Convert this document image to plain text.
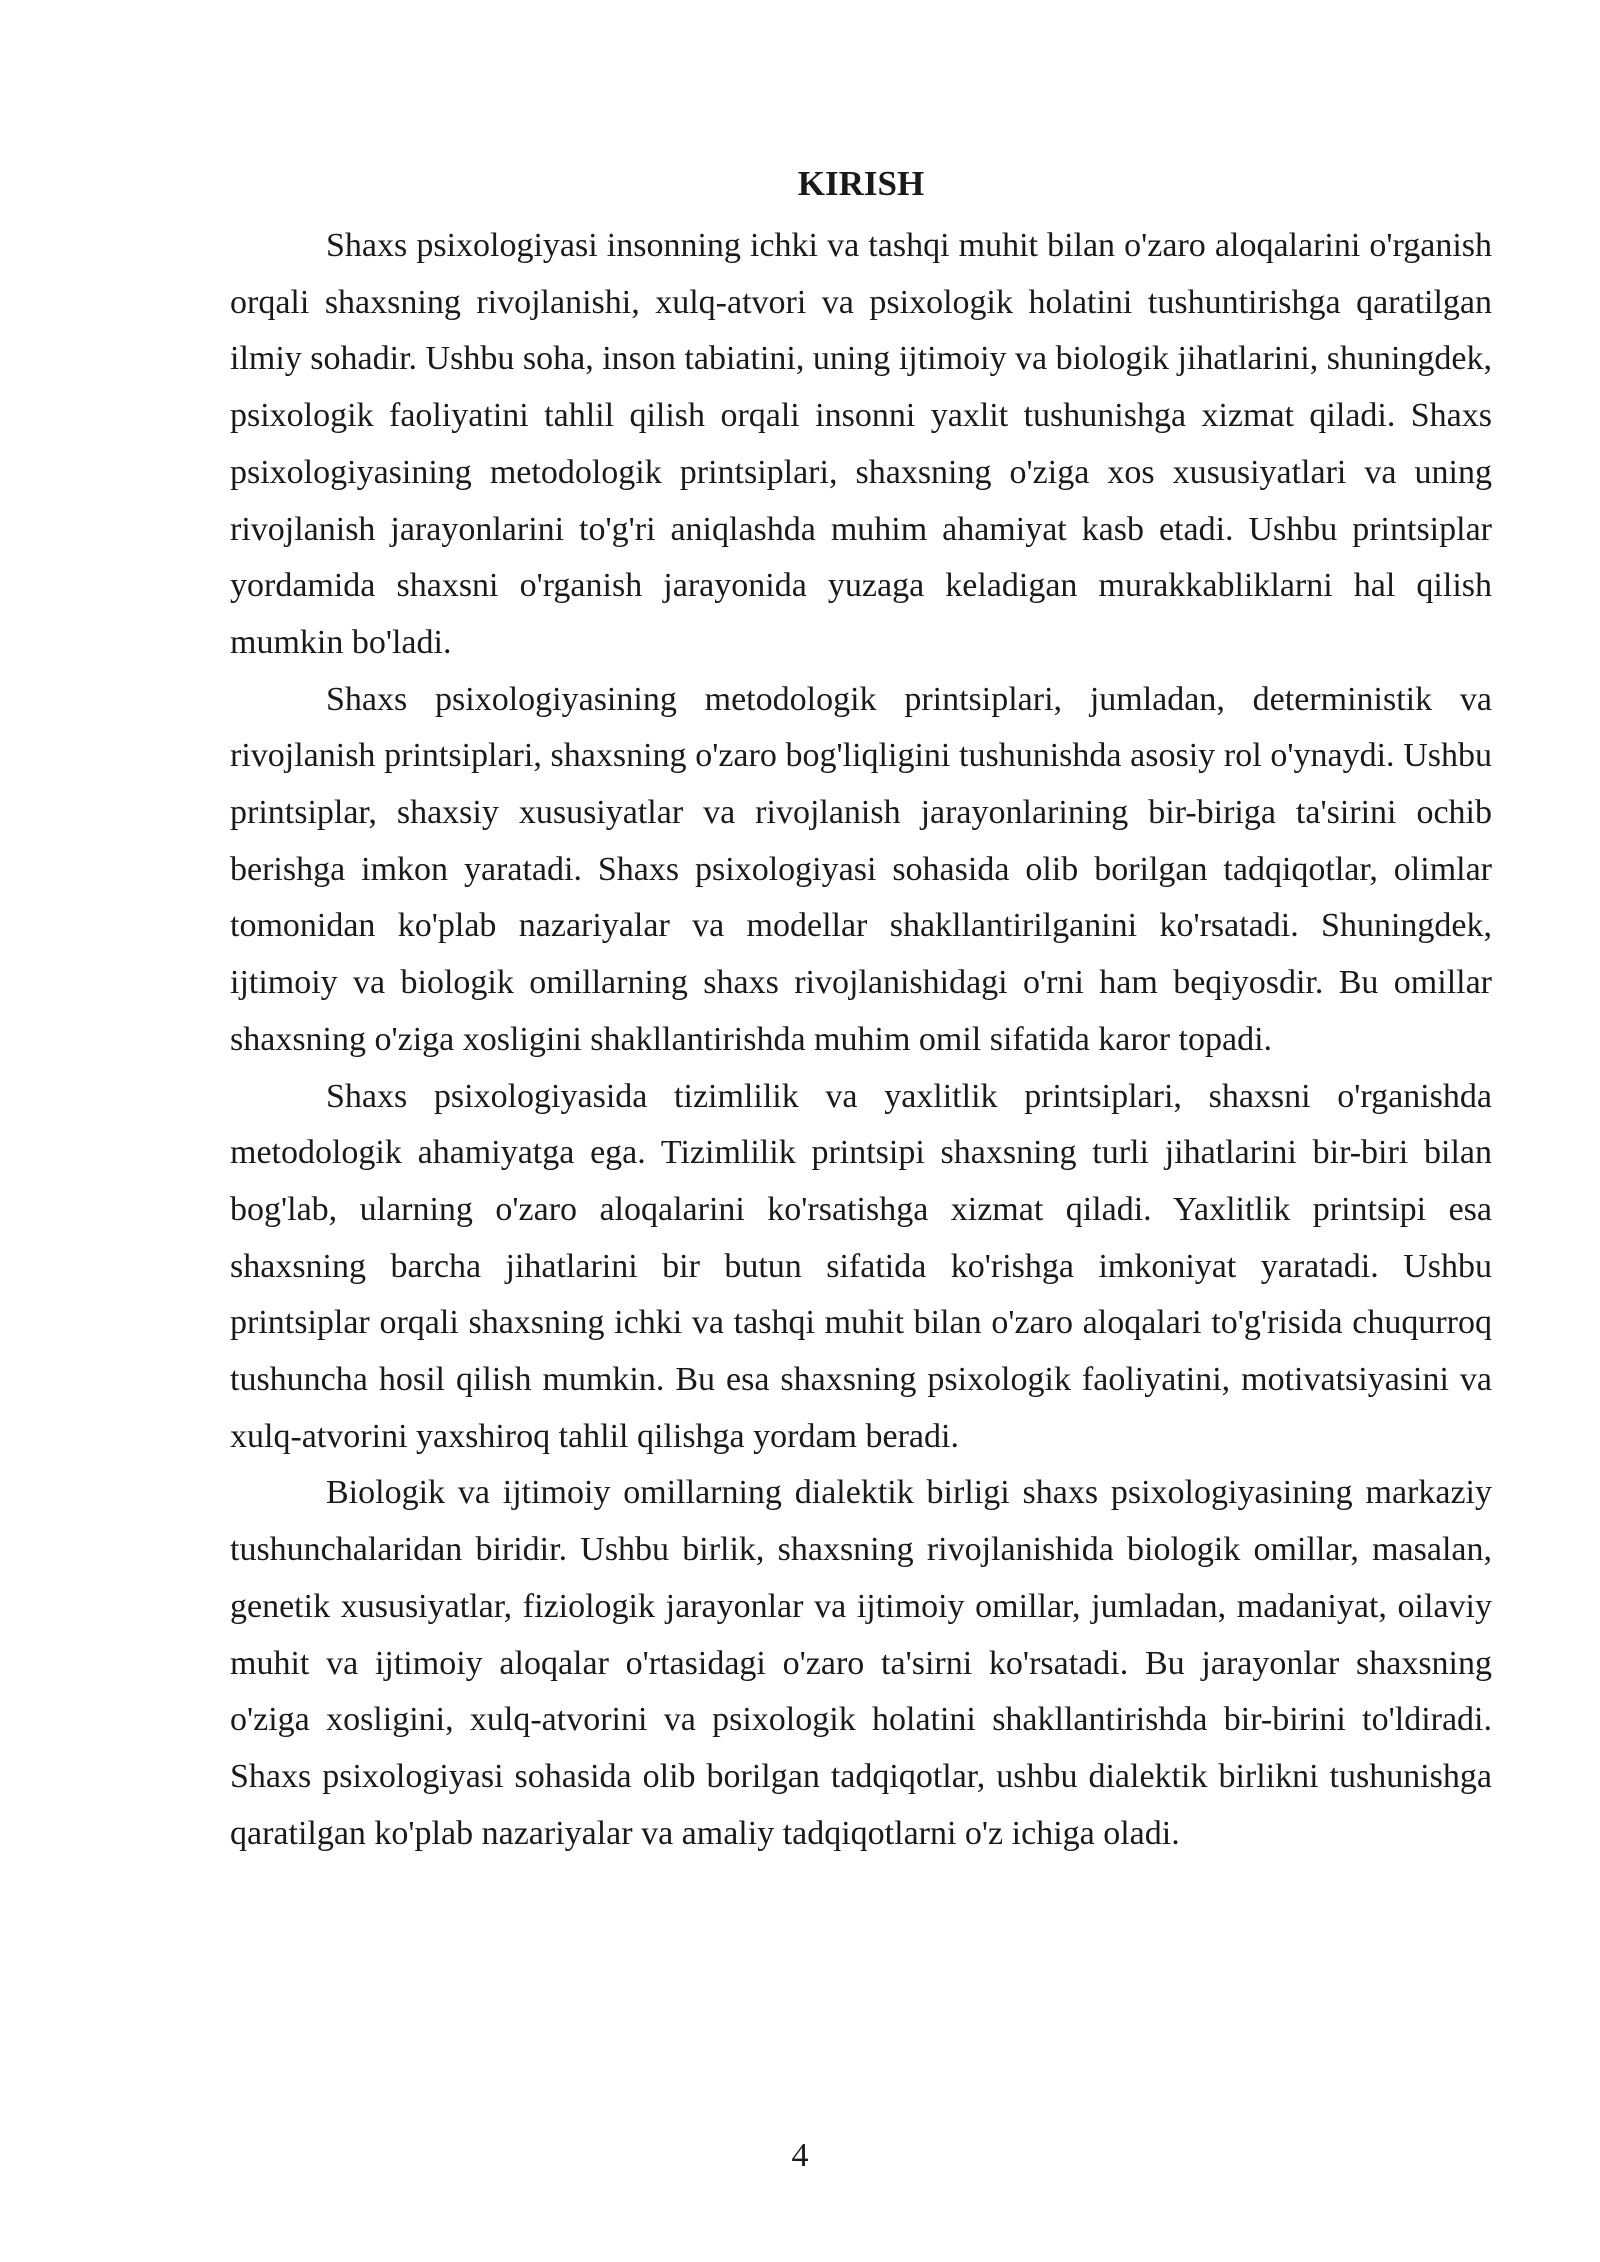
KIRISH

Shaxs psixologiyasi insonning ichki va tashqi muhit bilan o'zaro aloqalarini o'rganish orqali shaxsning rivojlanishi, xulq-atvori va psixologik holatini tushuntirishga qaratilgan ilmiy sohadir. Ushbu soha, inson tabiatini, uning ijtimoiy va biologik jihatlarini, shuningdek, psixologik faoliyatini tahlil qilish orqali insonni yaxlit tushunishga xizmat qiladi. Shaxs psixologiyasining metodologik printsiplari, shaxsning o'ziga xos xususiyatlari va uning rivojlanish jarayonlarini to'g'ri aniqlashda muhim ahamiyat kasb etadi. Ushbu printsiplar yordamida shaxsni o'rganish jarayonida yuzaga keladigan murakkabliklarni hal qilish mumkin bo'ladi.

Shaxs psixologiyasining metodologik printsiplari, jumladan, deterministik va rivojlanish printsiplari, shaxsning o'zaro bog'liqligini tushunishda asosiy rol o'ynaydi. Ushbu printsiplar, shaxsiy xususiyatlar va rivojlanish jarayonlarining bir-biriga ta'sirini ochib berishga imkon yaratadi. Shaxs psixologiyasi sohasida olib borilgan tadqiqotlar, olimlar tomonidan ko'plab nazariyalar va modellar shakllantirilganini ko'rsatadi. Shuningdek, ijtimoiy va biologik omillarning shaxs rivojlanishidagi o'rni ham beqiyosdir. Bu omillar shaxsning o'ziga xosligini shakllantirishda muhim omil sifatida karor topadi.

Shaxs psixologiyasida tizimlilik va yaxlitlik printsiplari, shaxsni o'rganishda metodologik ahamiyatga ega. Tizimlilik printsipi shaxsning turli jihatlarini bir-biri bilan bog'lab, ularning o'zaro aloqalarini ko'rsatishga xizmat qiladi. Yaxlitlik printsipi esa shaxsning barcha jihatlarini bir butun sifatida ko'rishga imkoniyat yaratadi. Ushbu printsiplar orqali shaxsning ichki va tashqi muhit bilan o'zaro aloqalari to'g'risida chuqurroq tushuncha hosil qilish mumkin. Bu esa shaxsning psixologik faoliyatini, motivatsiyasini va xulq-atvorini yaxshiroq tahlil qilishga yordam beradi.

Biologik va ijtimoiy omillarning dialektik birligi shaxs psixologiyasining markaziy tushunchalaridan biridir. Ushbu birlik, shaxsning rivojlanishida biologik omillar, masalan, genetik xususiyatlar, fiziologik jarayonlar va ijtimoiy omillar, jumladan, madaniyat, oilaviy muhit va ijtimoiy aloqalar o'rtasidagi o'zaro ta'sirni ko'rsatadi. Bu jarayonlar shaxsning o'ziga xosligini, xulq-atvorini va psixologik holatini shakllantirishda bir-birini to'ldiradi. Shaxs psixologiyasi sohasida olib borilgan tadqiqotlar, ushbu dialektik birlikni tushunishga qaratilgan ko'plab nazariyalar va amaliy tadqiqotlarni o'z ichiga oladi.

4
